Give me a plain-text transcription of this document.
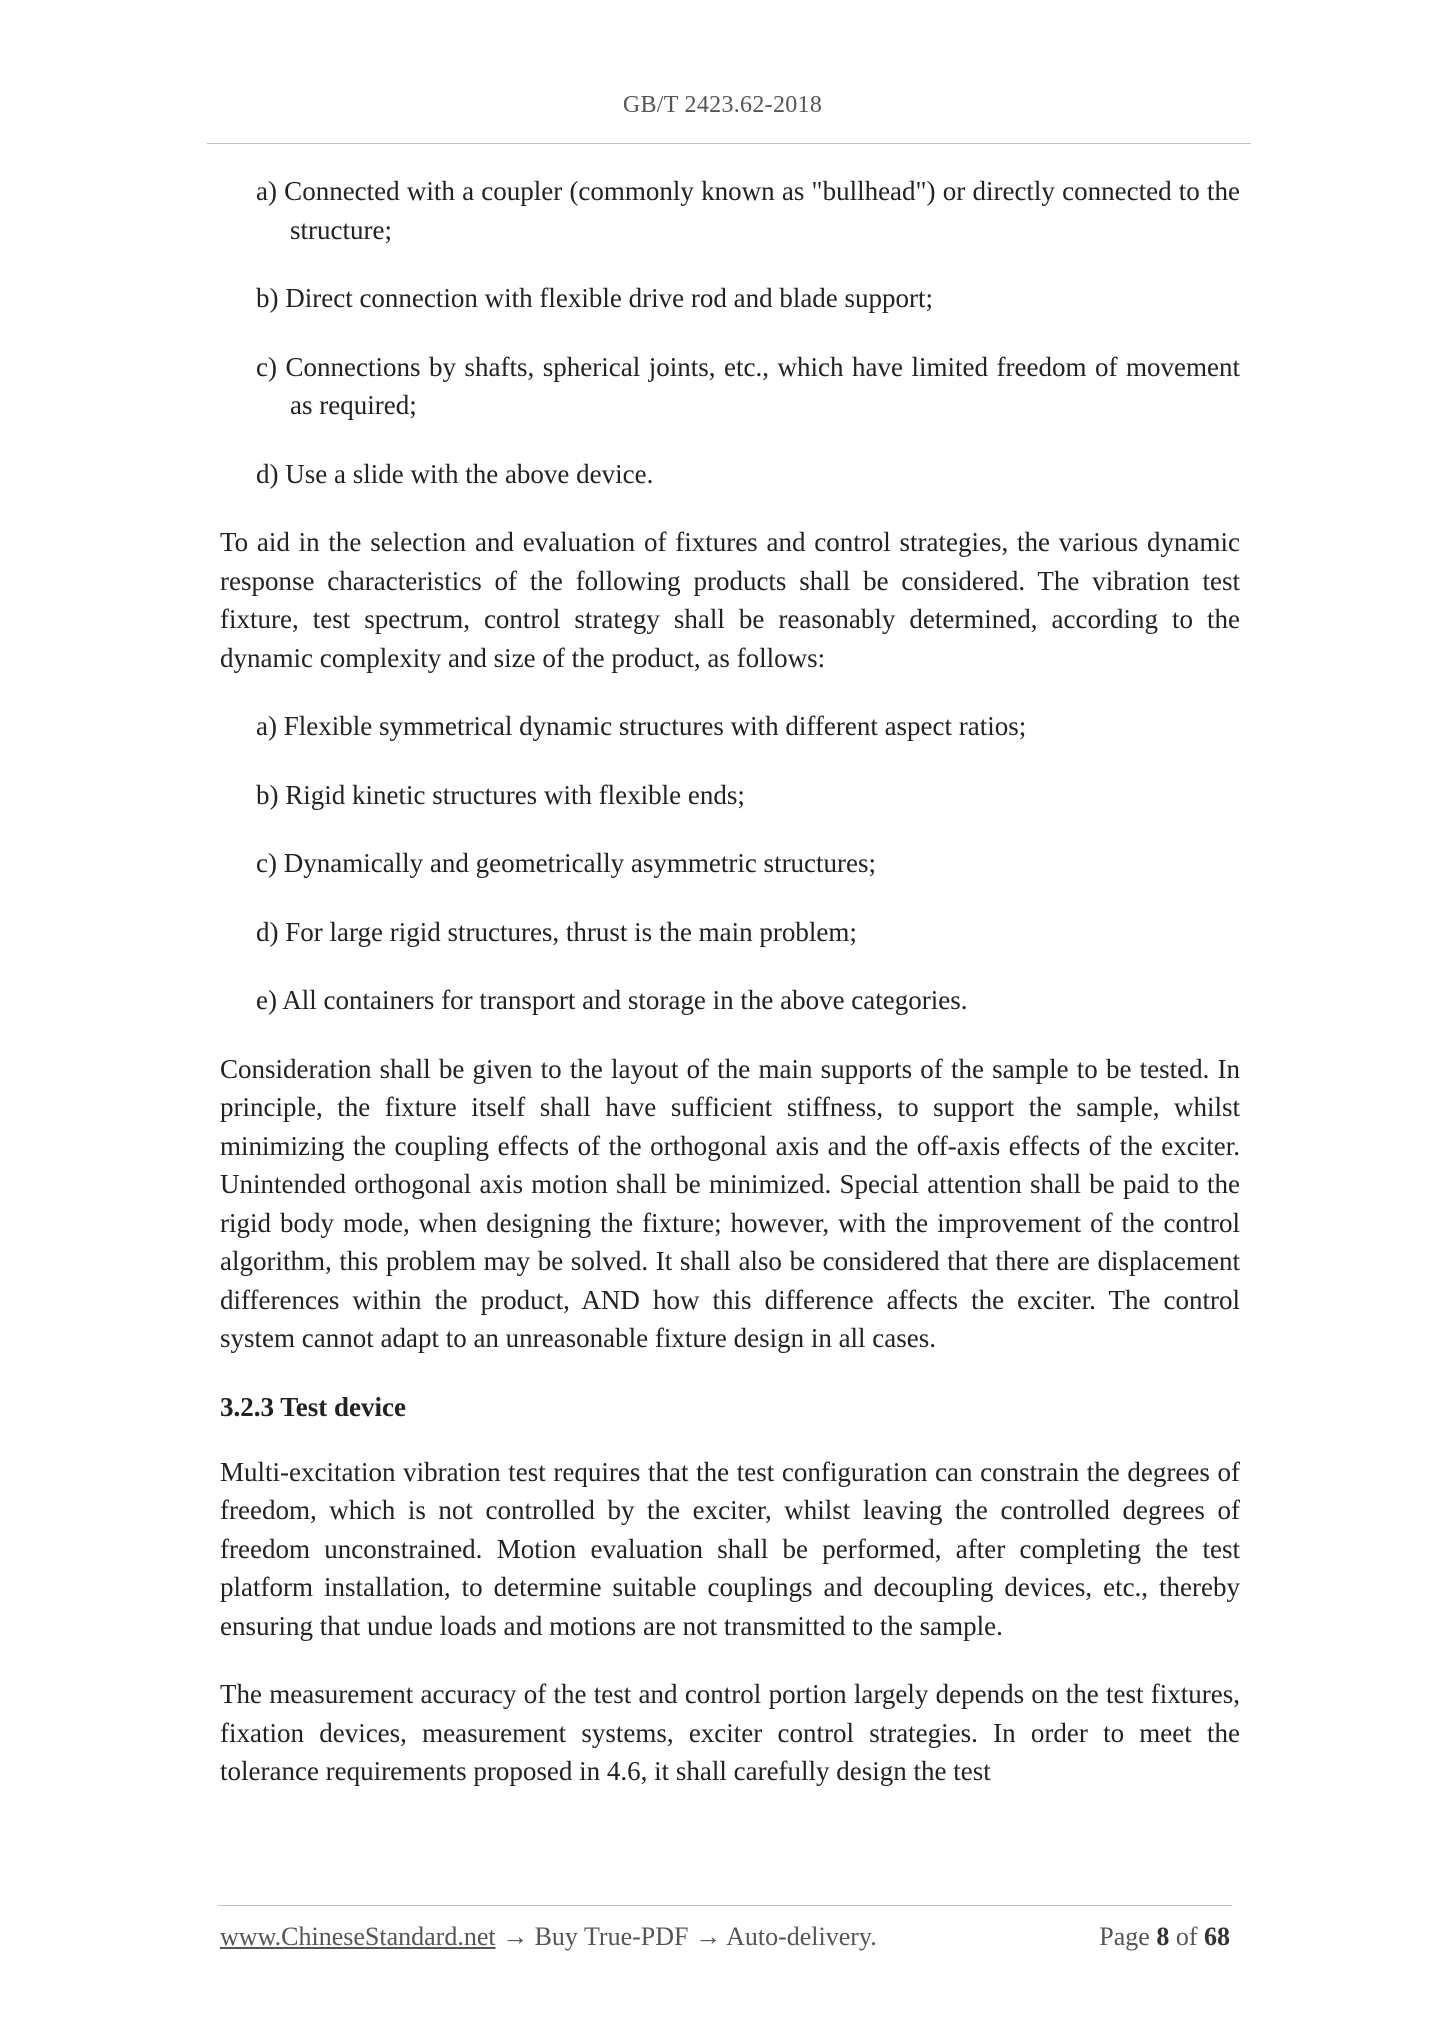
GB/T 2423.62-2018
a) Connected with a coupler (commonly known as "bullhead") or directly connected to the structure;
b) Direct connection with flexible drive rod and blade support;
c) Connections by shafts, spherical joints, etc., which have limited freedom of movement as required;
d) Use a slide with the above device.

To aid in the selection and evaluation of fixtures and control strategies, the various dynamic response characteristics of the following products shall be considered. The vibration test fixture, test spectrum, control strategy shall be reasonably determined, according to the dynamic complexity and size of the product, as follows:

a) Flexible symmetrical dynamic structures with different aspect ratios;
b) Rigid kinetic structures with flexible ends;
c) Dynamically and geometrically asymmetric structures;
d) For large rigid structures, thrust is the main problem;
e) All containers for transport and storage in the above categories.

Consideration shall be given to the layout of the main supports of the sample to be tested. In principle, the fixture itself shall have sufficient stiffness, to support the sample, whilst minimizing the coupling effects of the orthogonal axis and the off-axis effects of the exciter. Unintended orthogonal axis motion shall be minimized. Special attention shall be paid to the rigid body mode, when designing the fixture; however, with the improvement of the control algorithm, this problem may be solved. It shall also be considered that there are displacement differences within the product, AND how this difference affects the exciter. The control system cannot adapt to an unreasonable fixture design in all cases.

3.2.3 Test device

Multi-excitation vibration test requires that the test configuration can constrain the degrees of freedom, which is not controlled by the exciter, whilst leaving the controlled degrees of freedom unconstrained. Motion evaluation shall be performed, after completing the test platform installation, to determine suitable couplings and decoupling devices, etc., thereby ensuring that undue loads and motions are not transmitted to the sample.

The measurement accuracy of the test and control portion largely depends on the test fixtures, fixation devices, measurement systems, exciter control strategies. In order to meet the tolerance requirements proposed in 4.6, it shall carefully design the test

www.ChineseStandard.net → Buy True-PDF → Auto-delivery.	Page 8 of 68
